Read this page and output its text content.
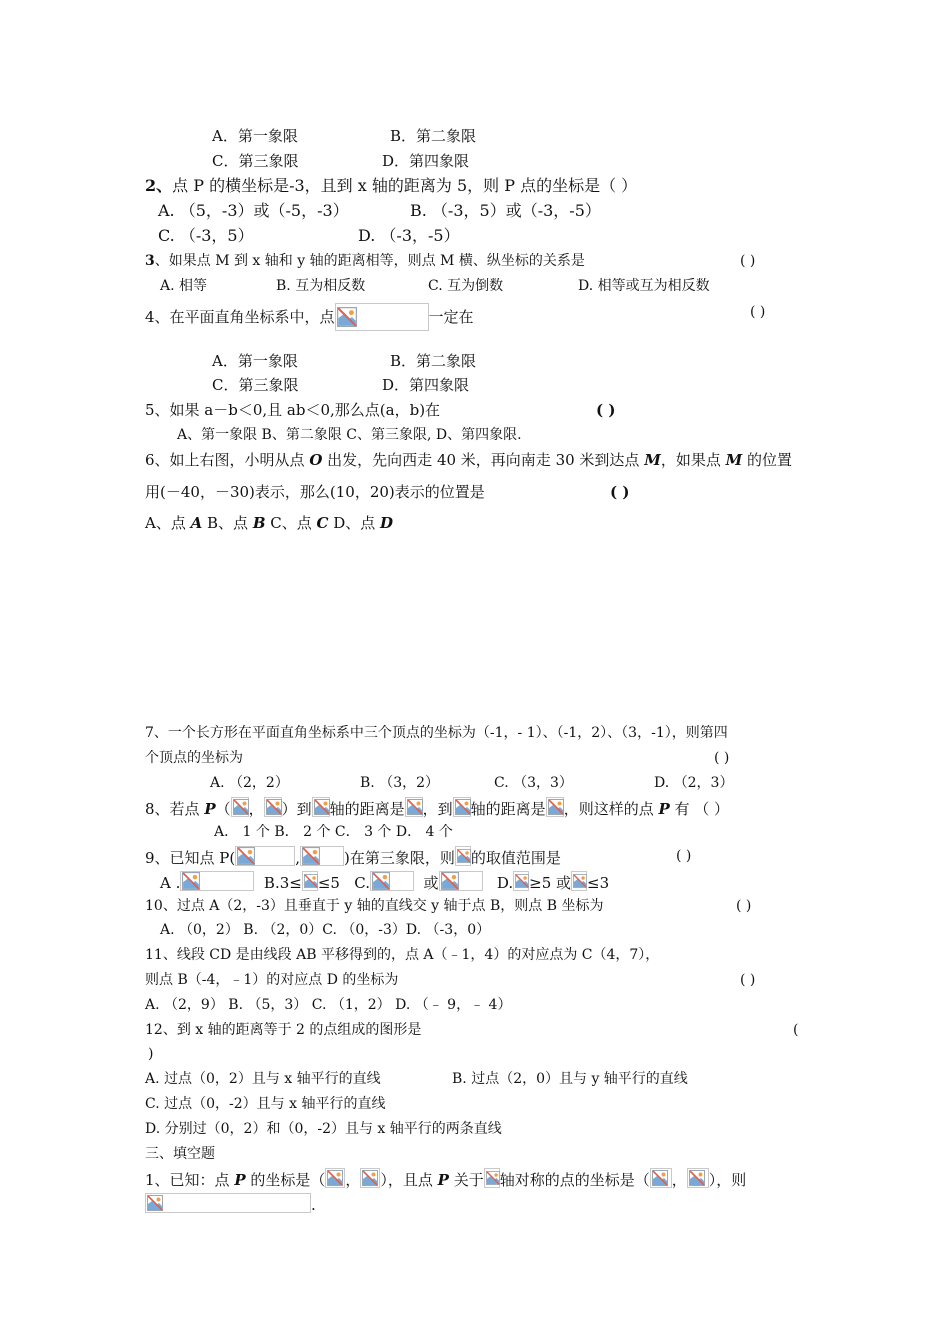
A．第一象限	B．第二象限
C．第三象限	D．第四象限
2、点 P 的横坐标是-3，且到 x 轴的距离为 5，则 P 点的坐标是（ ）
A. （5，-3）或（-5，-3）	B. （-3，5）或（-3，-5）
C. （-3，5）	D. （-3，-5）
3、如果点 M 到 x 轴和 y 轴的距离相等，则点 M 横、纵坐标的关系是	( )
A. 相等	B. 互为相反数	C. 互为倒数	D. 相等或互为相反数
4、在平面直角坐标系中，点	一定在	( )
A．第一象限	B．第二象限
C．第三象限	D．第四象限
5、如果 a－b＜0,且 ab＜0,那么点(a，b)在	( )
A、第一象限 B、第二象限 C、第三象限, D、第四象限.
6、如上右图，小明从点 O 出发，先向西走 40 米，再向南走 30 米到达点 M，如果点 M 的位置
用(－40，－30)表示，那么(10，20)表示的位置是	( )
A、点 A B、点 B C、点 C D、点 D
7、一个长方形在平面直角坐标系中三个顶点的坐标为（-1，- 1）、（-1，2）、（3，-1），则第四
个顶点的坐标为	( )
A. （2，2）	B. （3，2）	C. （3，3）	D. （2，3）
8、若点 P（ ， ）到 轴的距离是 ，到 轴的距离是 ，则这样的点 P 有 （ ）
A． 1 个 B． 2 个 C． 3 个 D． 4 个
9、已知点 P(	,	)在第三象限，则 的取值范围是	( )
A .	B.3≤ ≤5 C.	或	D. ≥5 或 ≤3
10、过点 A（2，-3）且垂直于 y 轴的直线交 y 轴于点 B，则点 B 坐标为	( )
A. （0，2） B. （2，0）C. （0，-3）D. （-3，0）
11、线段 CD 是由线段 AB 平移得到的，点 A（﹣1，4）的对应点为 C（4，7），
则点 B（-4，﹣1）的对应点 D 的坐标为	( )
A. （2，9） B. （5，3） C. （1，2） D. （﹣ 9，﹣ 4）
12、到 x 轴的距离等于 2 的点组成的图形是	(
)
A. 过点（0，2）且与 x 轴平行的直线	B. 过点（2，0）且与 y 轴平行的直线
C. 过点（0，-2）且与 x 轴平行的直线
D. 分别过（0，2）和（0，-2）且与 x 轴平行的两条直线
三、填空题
1、已知：点 P 的坐标是（ ， ），且点 P 关于 轴对称的点的坐标是（ ， ），则
.
